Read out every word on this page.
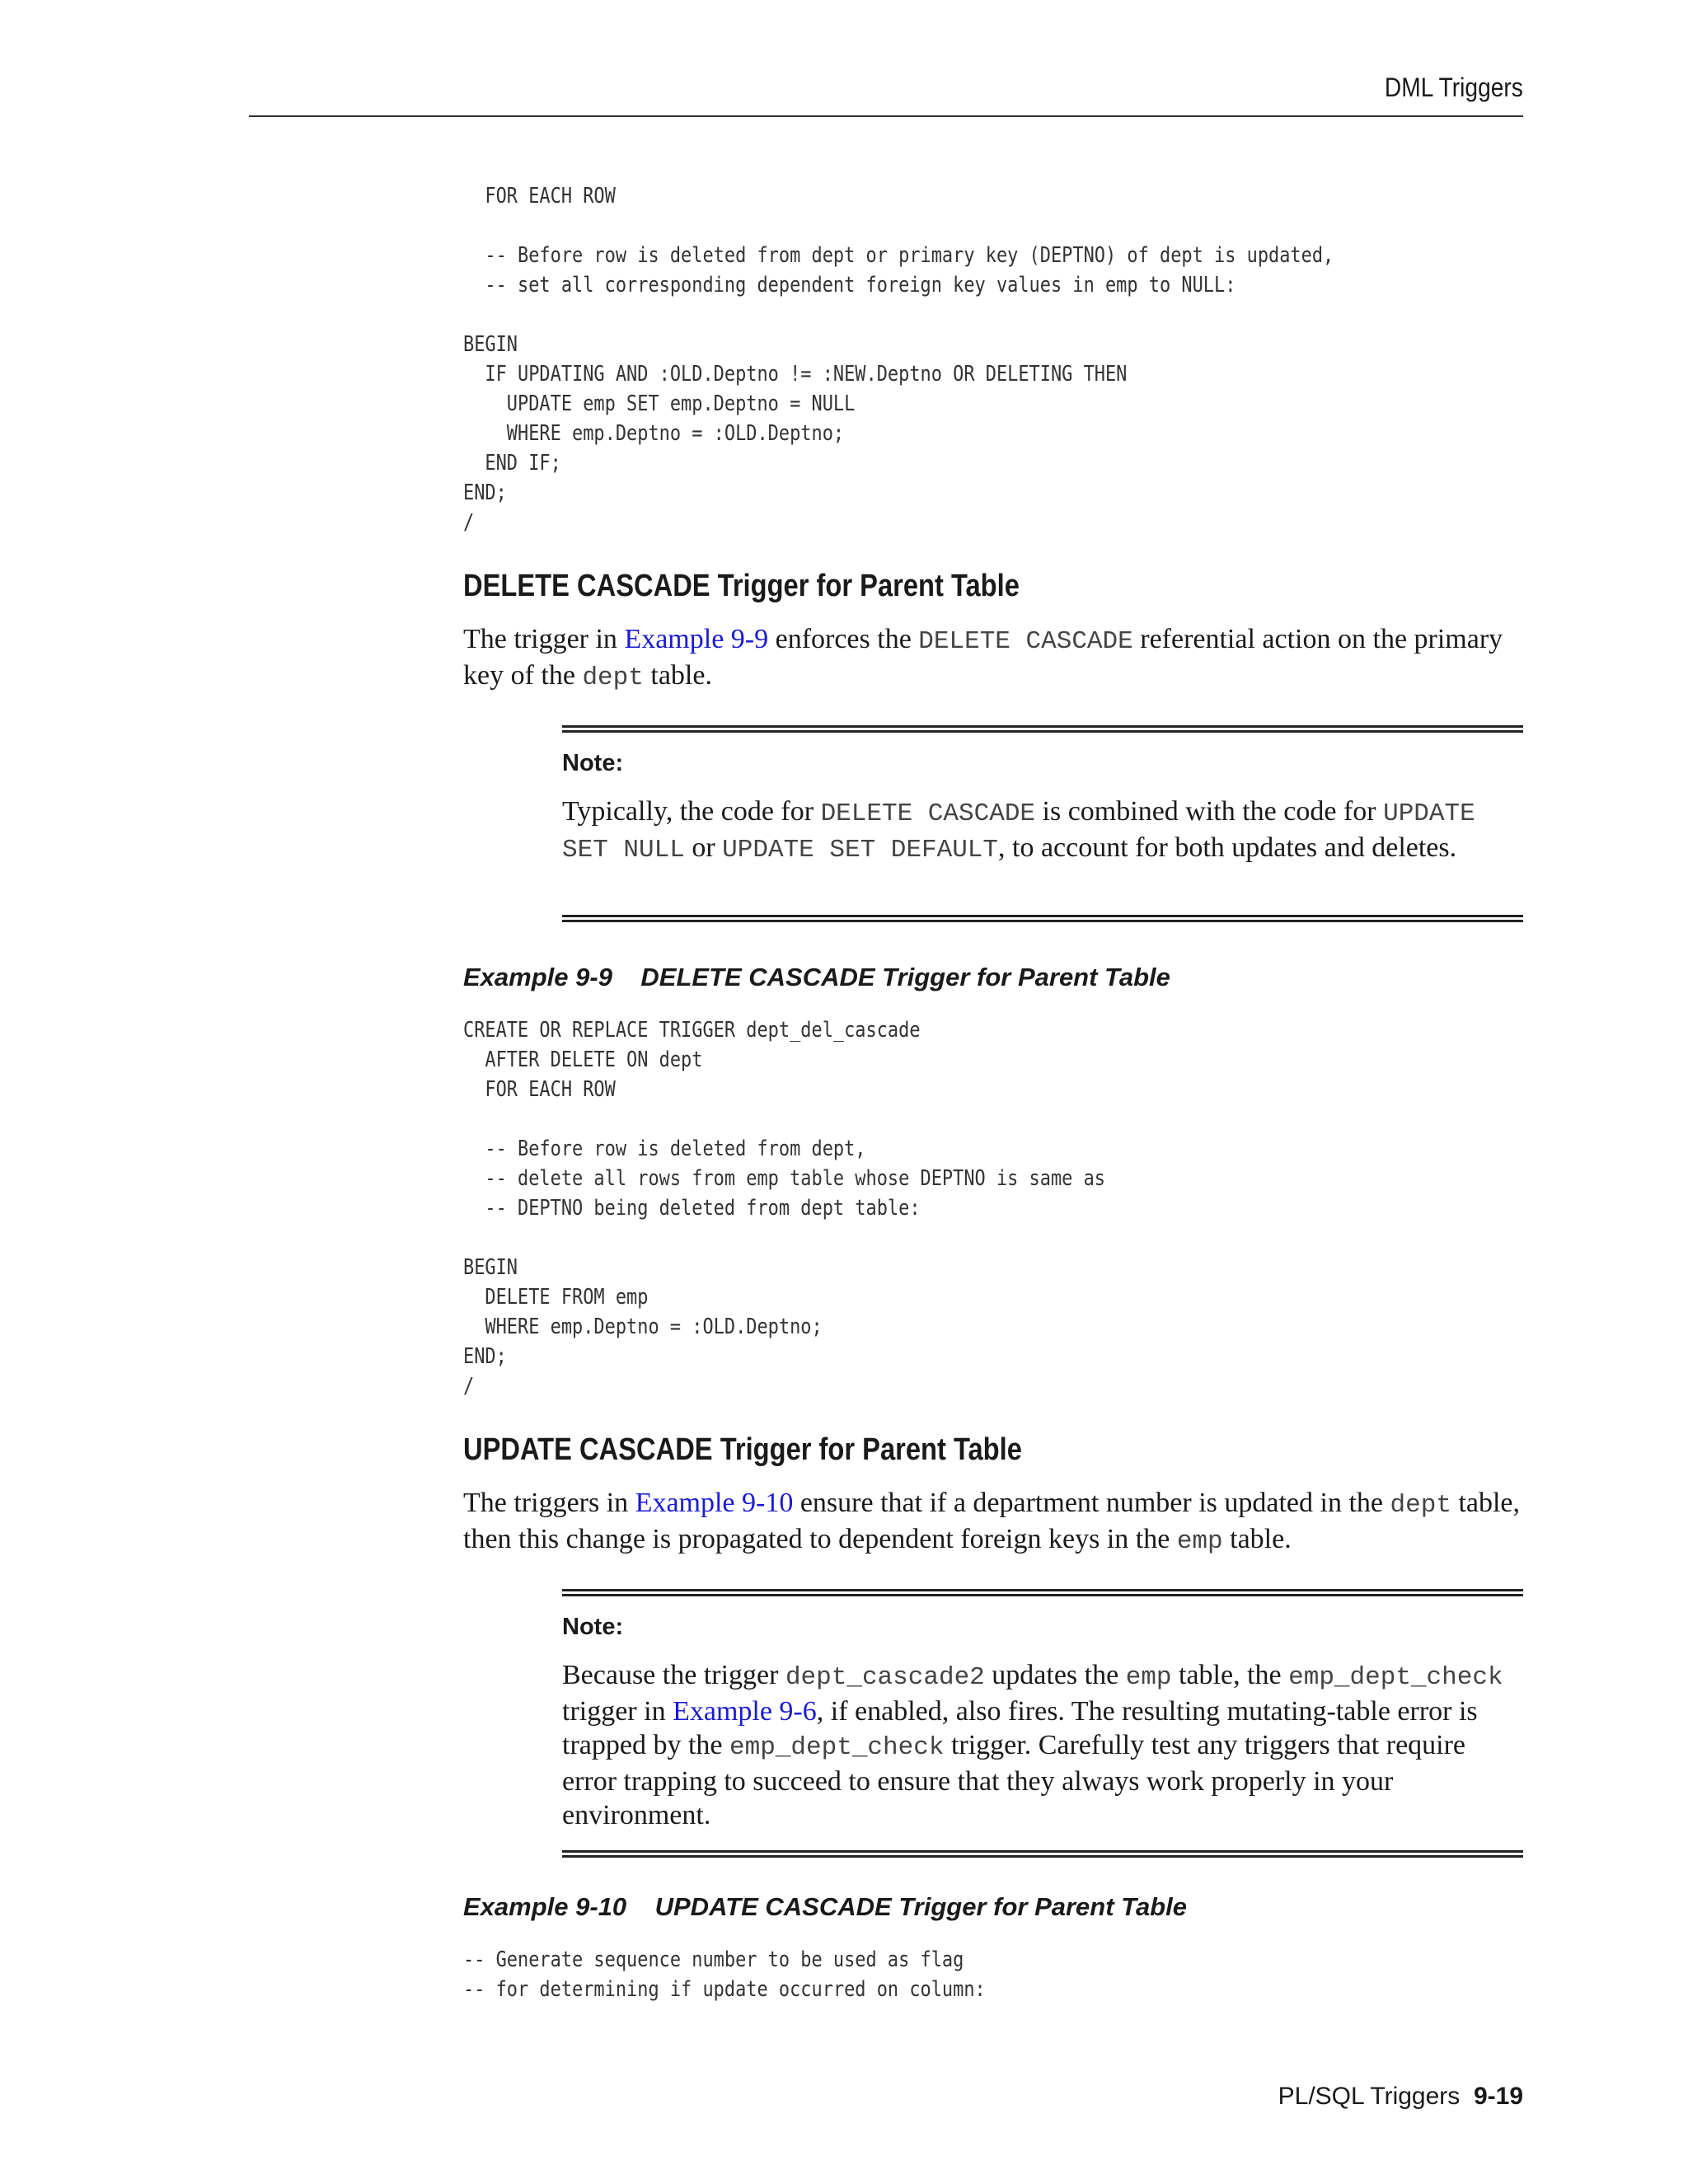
DML Triggers
FOR EACH ROW

-- Before row is deleted from dept or primary key (DEPTNO) of dept is updated,
-- set all corresponding dependent foreign key values in emp to NULL:

BEGIN
IF UPDATING AND :OLD.Deptno != :NEW.Deptno OR DELETING THEN
UPDATE emp SET emp.Deptno = NULL
WHERE emp.Deptno = :OLD.Deptno;
END IF;
END;
/
DELETE CASCADE Trigger for Parent Table

The trigger in Example 9-9 enforces the DELETE CASCADE referential action on the primary key of the dept table.

Note:

Typically, the code for DELETE CASCADE is combined with the code for UPDATE SET NULL or UPDATE SET DEFAULT, to account for both updates and deletes.

Example 9-9    DELETE CASCADE Trigger for Parent Table
CREATE OR REPLACE TRIGGER dept_del_cascade
AFTER DELETE ON dept
FOR EACH ROW

-- Before row is deleted from dept,
-- delete all rows from emp table whose DEPTNO is same as
-- DEPTNO being deleted from dept table:

BEGIN
DELETE FROM emp
WHERE emp.Deptno = :OLD.Deptno;
END;
/
UPDATE CASCADE Trigger for Parent Table

The triggers in Example 9-10 ensure that if a department number is updated in the dept table, then this change is propagated to dependent foreign keys in the emp table.

Note:

Because the trigger dept_cascade2 updates the emp table, the emp_dept_check trigger in Example 9-6, if enabled, also fires. The resulting mutating-table error is trapped by the emp_dept_check trigger. Carefully test any triggers that require error trapping to succeed to ensure that they always work properly in your environment.

Example 9-10    UPDATE CASCADE Trigger for Parent Table
-- Generate sequence number to be used as flag
-- for determining if update occurred on column:
PL/SQL Triggers 9-19
